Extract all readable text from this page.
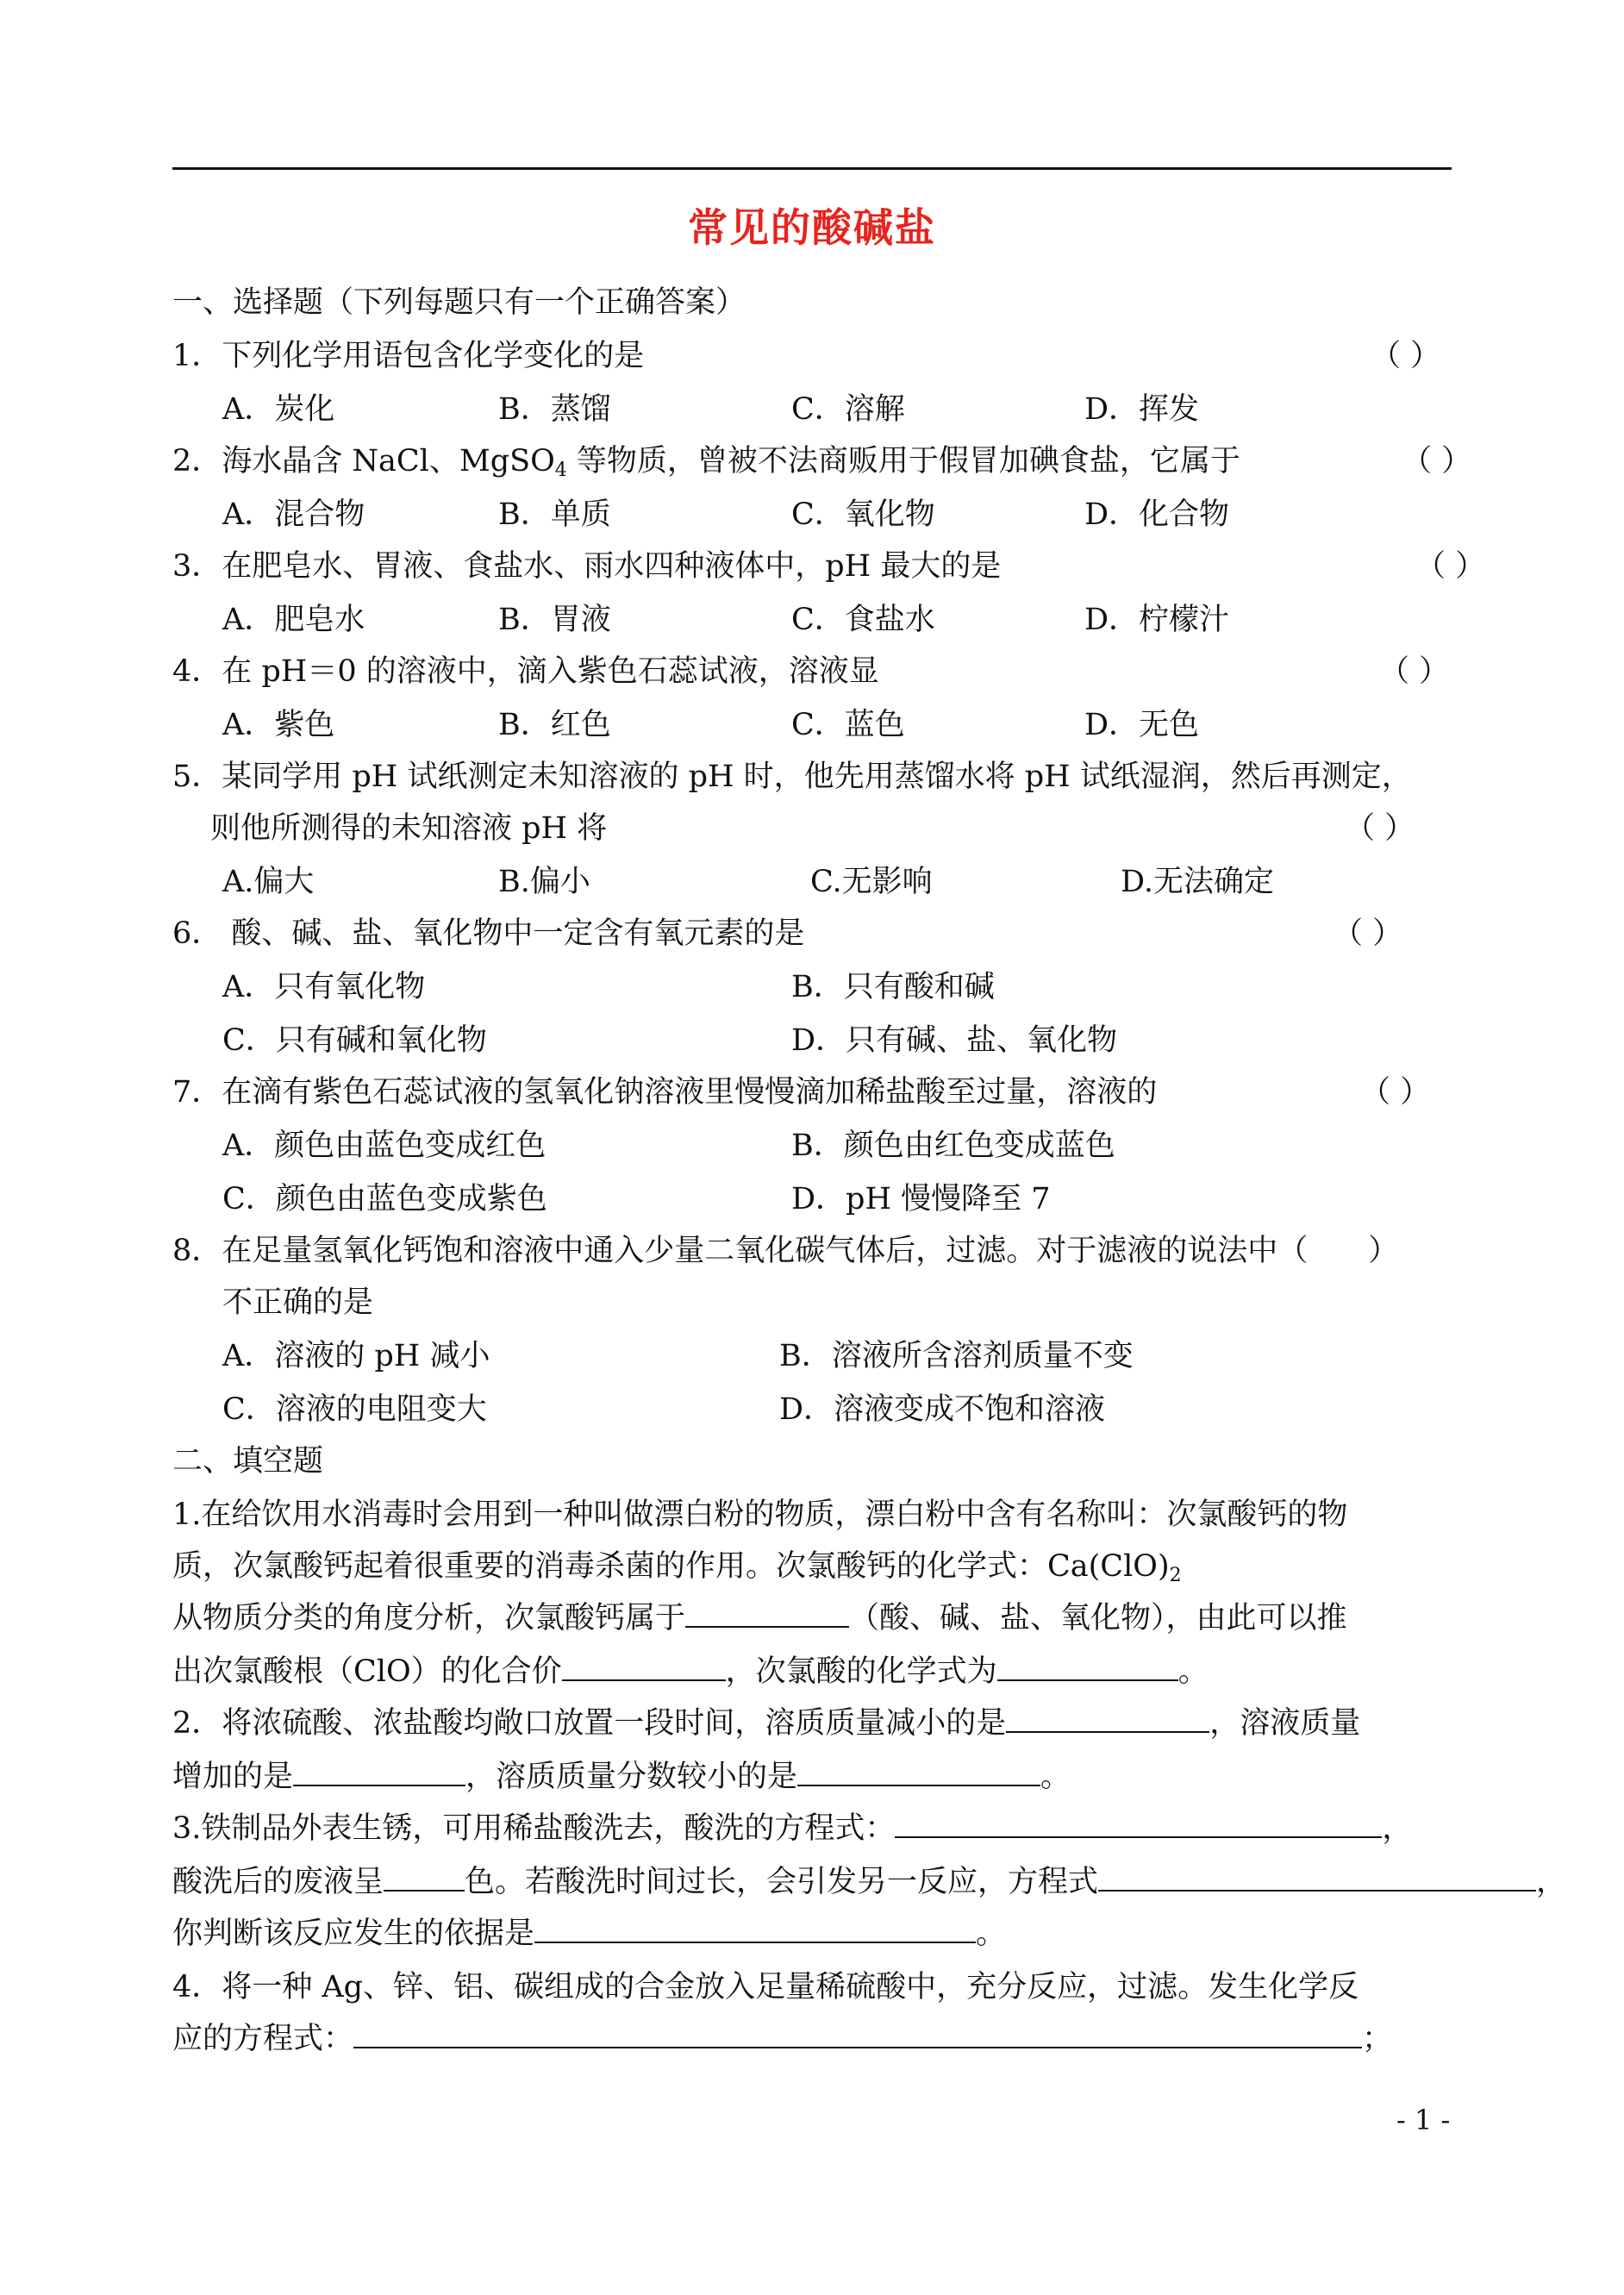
常见的酸碱盐
一、选择题（下列每题只有一个正确答案）
1．下列化学用语包含化学变化的是	（ ）
A．炭化	B．蒸馏	C．溶解	D．挥发
2．海水晶含 NaCl、MgSO$_4$ 等物质，曾被不法商贩用于假冒加碘食盐，它属于	（ ）
A．混合物	B．单质	C．氧化物	D．化合物
3．在肥皂水、胃液、食盐水、雨水四种液体中，pH 最大的是	（ ）
A．肥皂水	B．胃液	C．食盐水	D．柠檬汁
4．在 pH＝0 的溶液中，滴入紫色石蕊试液，溶液显	（ ）
A．紫色	B．红色	C．蓝色	D．无色
5．某同学用 pH 试纸测定未知溶液的 pH 时，他先用蒸馏水将 pH 试纸湿润，然后再测定，
则他所测得的未知溶液 pH 将	（ ）
A.偏大	B.偏小	C.无影响	D.无法确定
6． 酸、碱、盐、氧化物中一定含有氧元素的是	（ ）
A．只有氧化物	B．只有酸和碱
C．只有碱和氧化物	D．只有碱、盐、氧化物
7．在滴有紫色石蕊试液的氢氧化钠溶液里慢慢滴加稀盐酸至过量，溶液的	（ ）
A．颜色由蓝色变成红色	B．颜色由红色变成蓝色
C．颜色由蓝色变成紫色	D．pH 慢慢降至 7
8．在足量氢氧化钙饱和溶液中通入少量二氧化碳气体后，过滤。对于滤液的说法中（　　）
不正确的是
A．溶液的 pH 减小	B．溶液所含溶剂质量不变
C．溶液的电阻变大	D．溶液变成不饱和溶液
二、填空题
1.在给饮用水消毒时会用到一种叫做漂白粉的物质，漂白粉中含有名称叫：次氯酸钙的物
质，次氯酸钙起着很重要的消毒杀菌的作用。次氯酸钙的化学式：$Ca(ClO)_2$
从物质分类的角度分析，次氯酸钙属于	（酸、碱、盐、氧化物），由此可以推
出次氯酸根（ClO）的化合价	，次氯酸的化学式为	。
2．将浓硫酸、浓盐酸均敞口放置一段时间，溶质质量减小的是	，溶液质量
增加的是	，溶质质量分数较小的是	。
3.铁制品外表生锈，可用稀盐酸洗去，酸洗的方程式：	，
酸洗后的废液呈	色。若酸洗时间过长，会引发另一反应，方程式	，
你判断该反应发生的依据是	。
4．将一种 Ag、锌、铝、碳组成的合金放入足量稀硫酸中，充分反应，过滤。发生化学反
应的方程式：	；
- 1 -
